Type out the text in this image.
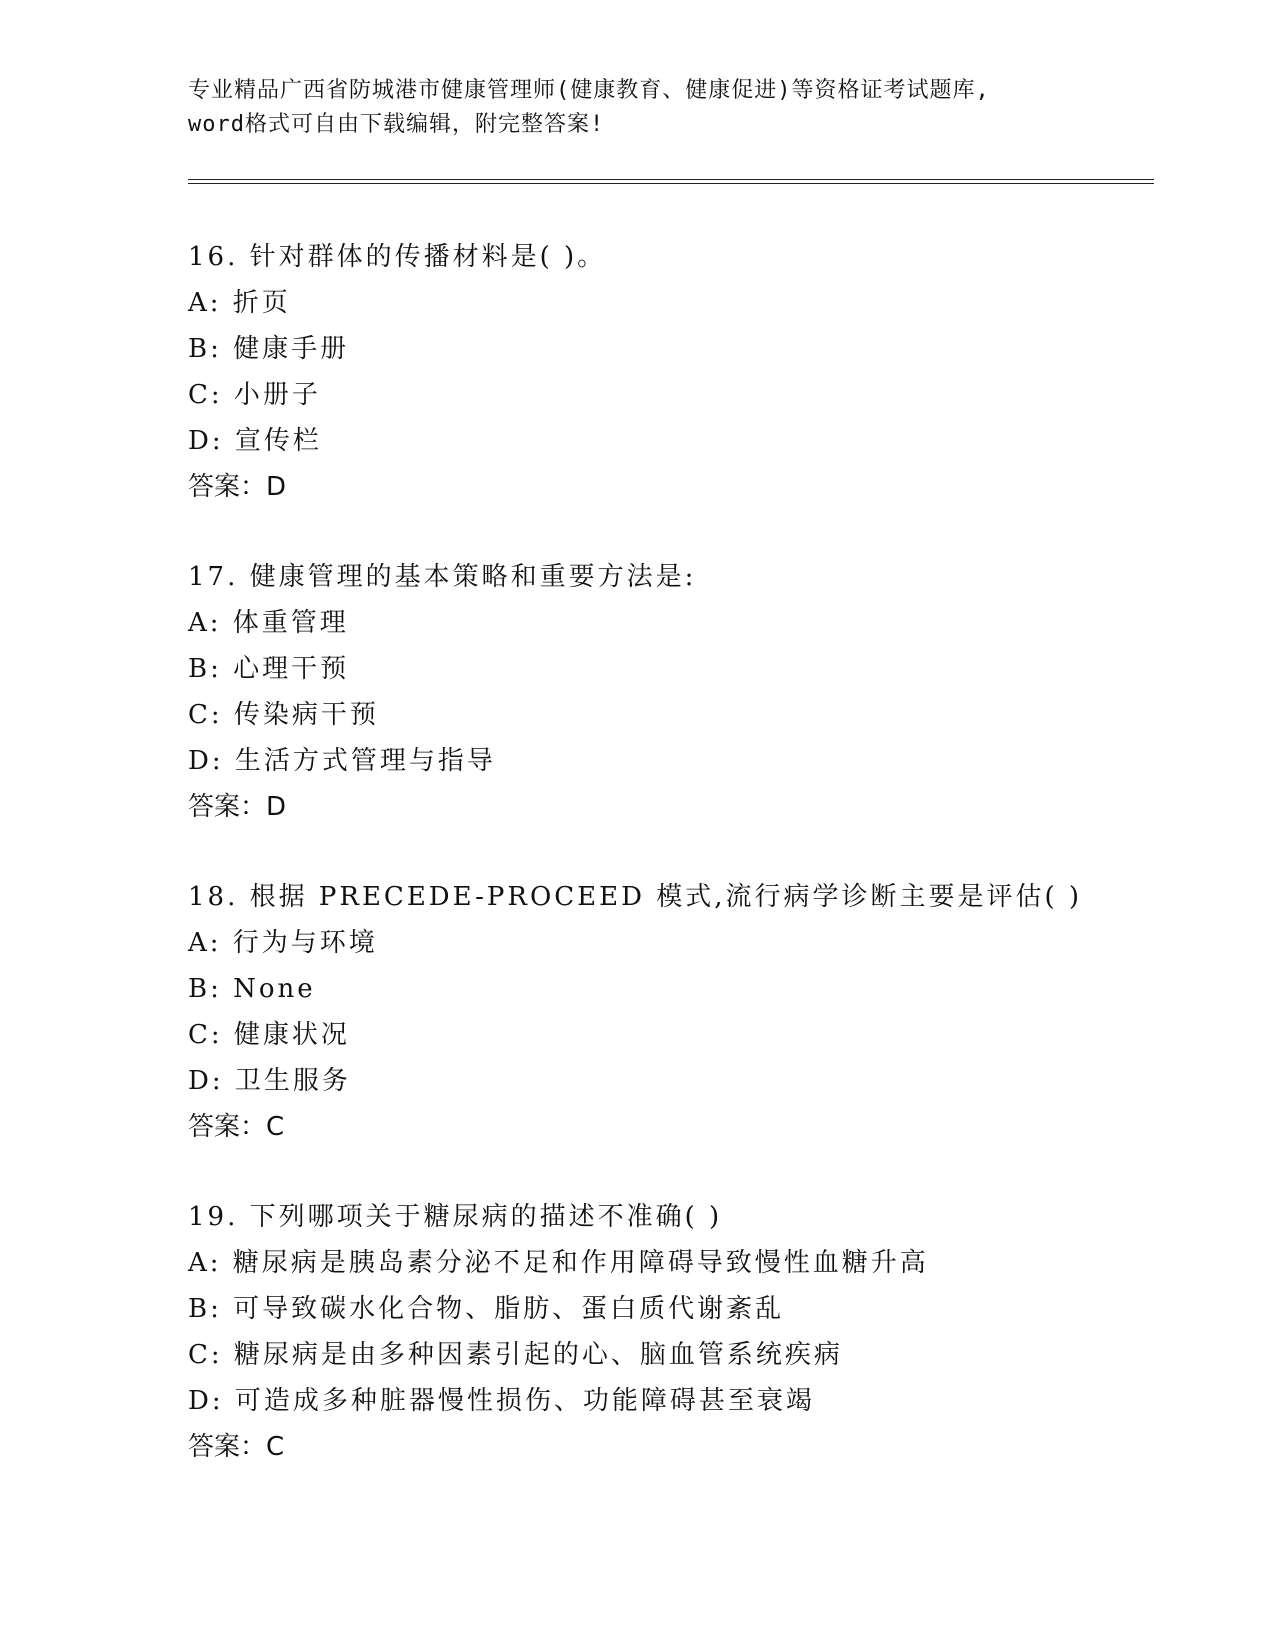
专业精品广西省防城港市健康管理师(健康教育、健康促进)等资格证考试题库,
word格式可自由下载编辑，附完整答案!
16. 针对群体的传播材料是( )。
A: 折页
B: 健康手册
C: 小册子
D: 宣传栏
答案：D
17. 健康管理的基本策略和重要方法是:
A: 体重管理
B: 心理干预
C: 传染病干预
D: 生活方式管理与指导
答案：D
18. 根据 PRECEDE-PROCEED 模式,流行病学诊断主要是评估( )
A: 行为与环境
B: None
C: 健康状况
D: 卫生服务
答案：C
19. 下列哪项关于糖尿病的描述不准确( )
A: 糖尿病是胰岛素分泌不足和作用障碍导致慢性血糖升高
B: 可导致碳水化合物、脂肪、蛋白质代谢紊乱
C: 糖尿病是由多种因素引起的心、脑血管系统疾病
D: 可造成多种脏器慢性损伤、功能障碍甚至衰竭
答案：C
